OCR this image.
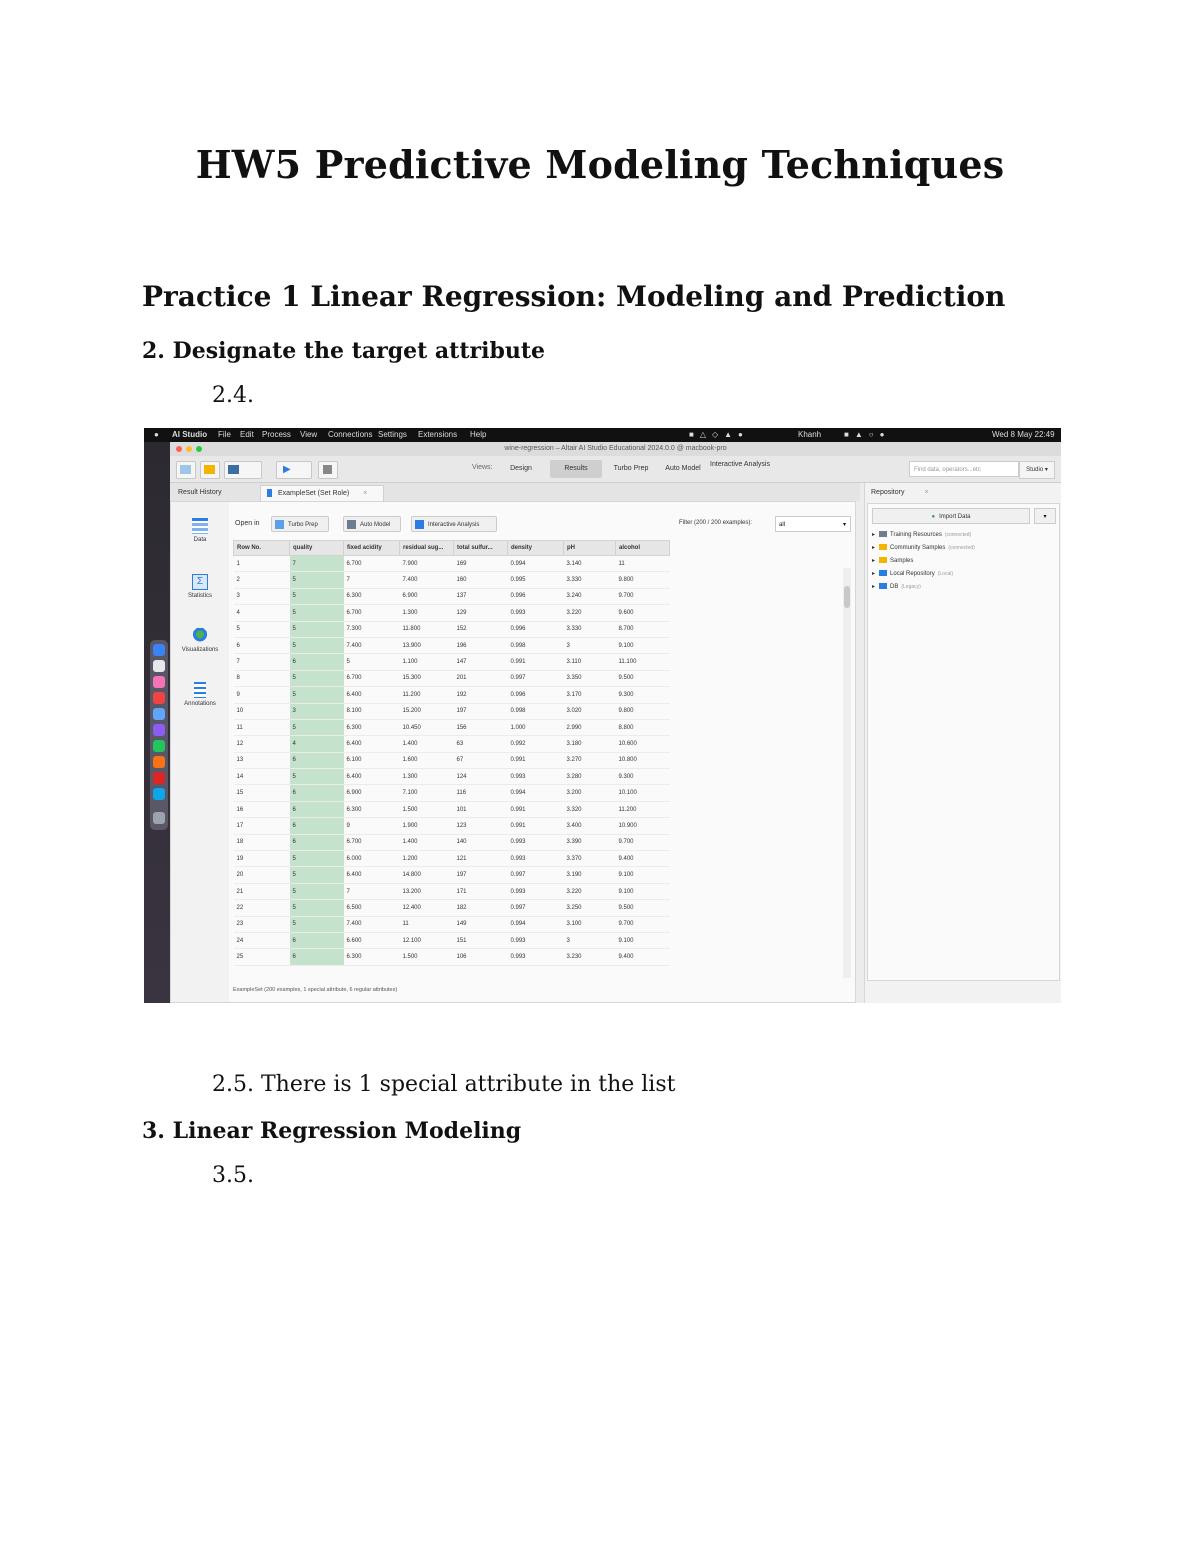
HW5 Predictive Modeling Techniques
Practice 1 Linear Regression: Modeling and Prediction
2. Designate the target attribute

2.4.

● AI Studio File Edit Process View Connections Settings Extensions Help	■△◇▲●	Khanh	■▲○●	Wed 8 May 22:49
wine-regression – Altair AI Studio Educational 2024.0.0 @ macbook-pro
▶	Views:	Design	Results	Turbo Prep	Auto Model
Interactive Analysis
Find data, operators...etc	Studio ▾
Result History	ExampleSet (Set Role) ×
Data
Σ
Statistics
Visualizations
Annotations
Open in	Turbo Prep	Auto Model	Interactive Analysis	Filter (200 / 200 examples):	all	▾
Row No.	quality	fixed acidity	residual sug...	total sulfur...	density	pH	alcohol
1	7	6.700	7.900	169	0.994	3.140	11
2	5	7	7.400	160	0.995	3.330	9.800
3	5	6.300	6.900	137	0.996	3.240	9.700
4	5	6.700	1.300	129	0.993	3.220	9.600
5	5	7.300	11.800	152	0.996	3.330	8.700
6	5	7.400	13.900	196	0.998	3	9.100
7	6	5	1.100	147	0.991	3.110	11.100
8	5	6.700	15.300	201	0.997	3.350	9.500
9	5	6.400	11.200	192	0.996	3.170	9.300
10	3	8.100	15.200	197	0.998	3.020	9.800
11	5	6.300	10.450	156	1.000	2.990	8.800
12	4	6.400	1.400	63	0.992	3.180	10.600
13	6	6.100	1.600	67	0.991	3.270	10.800
14	5	6.400	1.300	124	0.993	3.280	9.300
15	6	6.900	7.100	116	0.994	3.200	10.100
16	6	6.300	1.500	101	0.991	3.320	11.200
17	6	9	1.900	123	0.991	3.400	10.900
18	6	6.700	1.400	140	0.993	3.390	9.700
19	5	6.000	1.200	121	0.993	3.370	9.400
20	5	6.400	14.800	197	0.997	3.190	9.100
21	5	7	13.200	171	0.993	3.220	9.100
22	5	6.500	12.400	182	0.997	3.250	9.500
23	5	7.400	11	149	0.994	3.100	9.700
24	6	6.600	12.100	151	0.993	3	9.100
25	6	6.300	1.500	106	0.993	3.230	9.400
ExampleSet (200 examples, 1 special attribute, 6 regular attributes)
Repository	×
● Import Data	▾
▸	Training Resources (connected)
▸	Community Samples (connected)
▸	Samples
▸	Local Repository (Local)
▸	DB (Legacy)

2.5. There is 1 special attribute in the list

3. Linear Regression Modeling

3.5.
